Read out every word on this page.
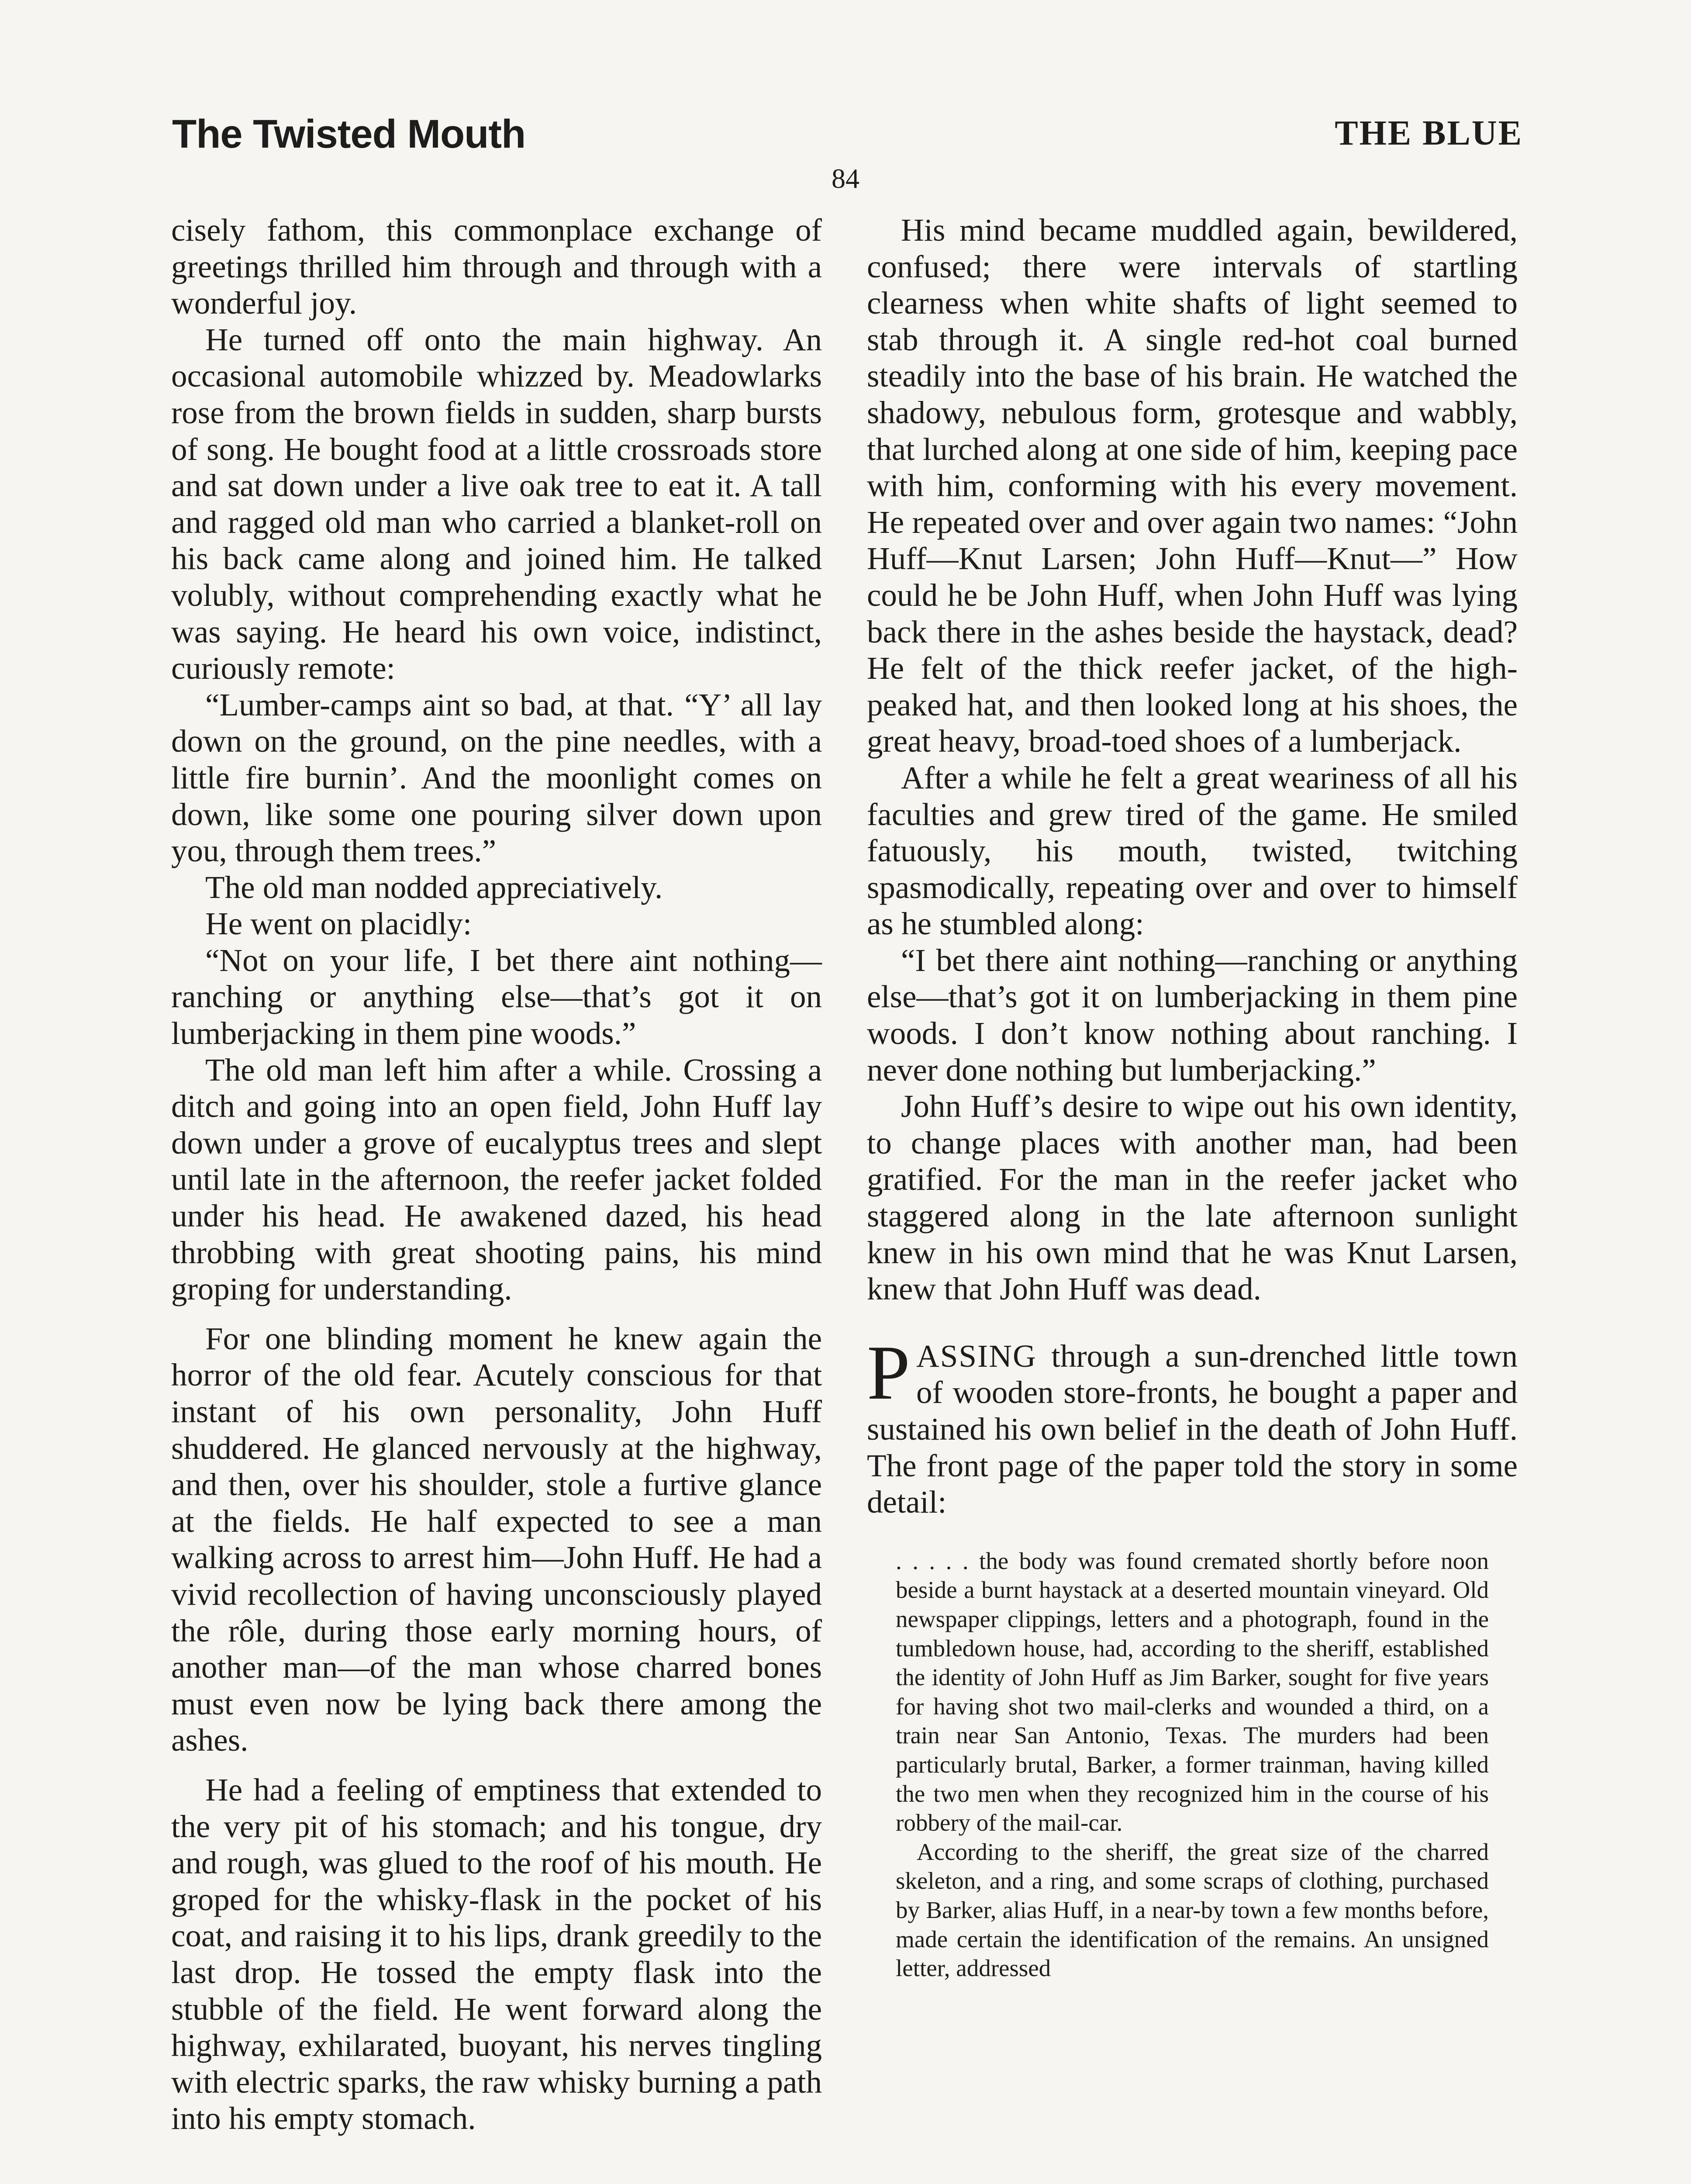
The Twisted Mouth	THE BLUE
84

cisely fathom, this commonplace exchange of greetings thrilled him through and through with a wonderful joy.

He turned off onto the main highway. An occasional automobile whizzed by. Meadowlarks rose from the brown fields in sudden, sharp bursts of song. He bought food at a little crossroads store and sat down under a live oak tree to eat it. A tall and ragged old man who carried a blanket-roll on his back came along and joined him. He talked volubly, without comprehending exactly what he was saying. He heard his own voice, indistinct, curiously remote:

“Lumber-camps aint so bad, at that. “Y’ all lay down on the ground, on the pine needles, with a little fire burnin’. And the moonlight comes on down, like some one pouring silver down upon you, through them trees.”

The old man nodded appreciatively.

He went on placidly:

“Not on your life, I bet there aint nothing—ranching or anything else—that’s got it on lumberjacking in them pine woods.”

The old man left him after a while. Crossing a ditch and going into an open field, John Huff lay down under a grove of eucalyptus trees and slept until late in the afternoon, the reefer jacket folded under his head. He awakened dazed, his head throbbing with great shooting pains, his mind groping for understanding.

For one blinding moment he knew again the horror of the old fear. Acutely conscious for that instant of his own personality, John Huff shuddered. He glanced nervously at the highway, and then, over his shoulder, stole a furtive glance at the fields. He half expected to see a man walking across to arrest him—John Huff. He had a vivid recollection of having unconsciously played the rôle, during those early morning hours, of another man—of the man whose charred bones must even now be lying back there among the ashes.

He had a feeling of emptiness that extended to the very pit of his stomach; and his tongue, dry and rough, was glued to the roof of his mouth. He groped for the whisky-flask in the pocket of his coat, and raising it to his lips, drank greedily to the last drop. He tossed the empty flask into the stubble of the field. He went forward along the highway, exhilarated, buoyant, his nerves tingling with electric sparks, the raw whisky burning a path into his empty stomach.

His mind became muddled again, bewildered, confused; there were intervals of startling clearness when white shafts of light seemed to stab through it. A single red-hot coal burned steadily into the base of his brain. He watched the shadowy, nebulous form, grotesque and wabbly, that lurched along at one side of him, keeping pace with him, conforming with his every movement. He repeated over and over again two names: “John Huff—Knut Larsen; John Huff—Knut—” How could he be John Huff, when John Huff was lying back there in the ashes beside the haystack, dead? He felt of the thick reefer jacket, of the high-peaked hat, and then looked long at his shoes, the great heavy, broad-toed shoes of a lumberjack.

After a while he felt a great weariness of all his faculties and grew tired of the game. He smiled fatuously, his mouth, twisted, twitching spasmodically, repeating over and over to himself as he stumbled along:

“I bet there aint nothing—ranching or anything else—that’s got it on lumberjacking in them pine woods. I don’t know nothing about ranching. I never done nothing but lumberjacking.”

John Huff’s desire to wipe out his own identity, to change places with another man, had been gratified. For the man in the reefer jacket who staggered along in the late afternoon sunlight knew in his own mind that he was Knut Larsen, knew that John Huff was dead.

PASSING through a sun-drenched little town of wooden store-fronts, he bought a paper and sustained his own belief in the death of John Huff. The front page of the paper told the story in some detail:

. . . . . the body was found cremated shortly before noon beside a burnt haystack at a deserted mountain vineyard. Old newspaper clippings, letters and a photograph, found in the tumbledown house, had, according to the sheriff, established the identity of John Huff as Jim Barker, sought for five years for having shot two mail-clerks and wounded a third, on a train near San Antonio, Texas. The murders had been particularly brutal, Barker, a former trainman, having killed the two men when they recognized him in the course of his robbery of the mail-car.

According to the sheriff, the great size of the charred skeleton, and a ring, and some scraps of clothing, purchased by Barker, alias Huff, in a near-by town a few months before, made certain the identification of the remains. An unsigned letter, addressed
